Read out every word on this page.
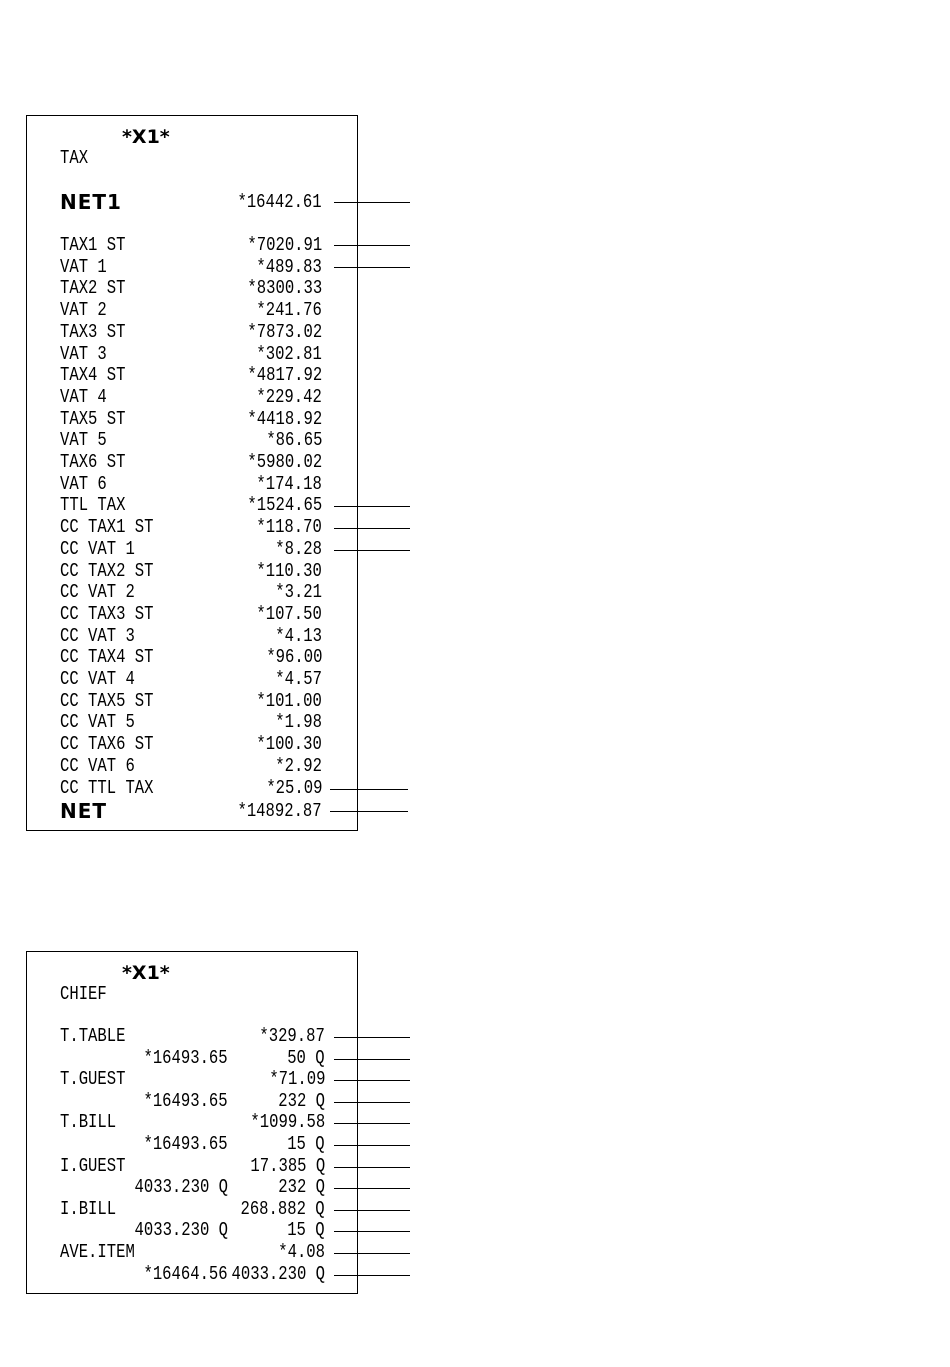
*X1*
TAX
NET1	*16442.61
TAX1 ST	*7020.91
VAT 1	*489.83
TAX2 ST	*8300.33
VAT 2	*241.76
TAX3 ST	*7873.02
VAT 3	*302.81
TAX4 ST	*4817.92
VAT 4	*229.42
TAX5 ST	*4418.92
VAT 5	*86.65
TAX6 ST	*5980.02
VAT 6	*174.18
TTL TAX	*1524.65
CC TAX1 ST	*118.70
CC VAT 1	*8.28
CC TAX2 ST	*110.30
CC VAT 2	*3.21
CC TAX3 ST	*107.50
CC VAT 3	*4.13
CC TAX4 ST	*96.00
CC VAT 4	*4.57
CC TAX5 ST	*101.00
CC VAT 5	*1.98
CC TAX6 ST	*100.30
CC VAT 6	*2.92
CC TTL TAX	*25.09
NET	*14892.87
*X1*
CHIEF
T.TABLE	*329.87
*16493.65	50 Q
T.GUEST	*71.09
*16493.65	232 Q
T.BILL	*1099.58
*16493.65	15 Q
I.GUEST	17.385 Q
4033.230 Q	232 Q
I.BILL	268.882 Q
4033.230 Q	15 Q
AVE.ITEM	*4.08
*16464.56 4033.230 Q
